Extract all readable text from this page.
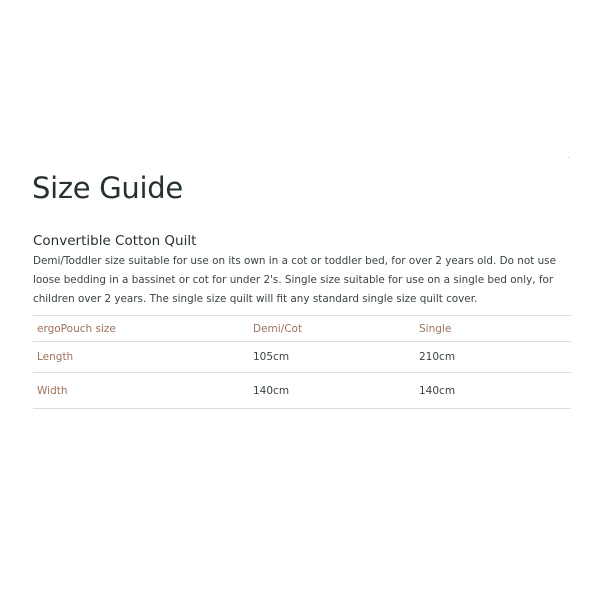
Size Guide
Convertible Cotton Quilt

Demi/Toddler size suitable for use on its own in a cot or toddler bed, for over 2 years old. Do not use loose bedding in a bassinet or cot for under 2's. Single size suitable for use on a single bed only, for children over 2 years. The single size quilt will fit any standard single size quilt cover.

ergoPouch size	Demi/Cot	Single
Length	105cm	210cm
Width	140cm	140cm
